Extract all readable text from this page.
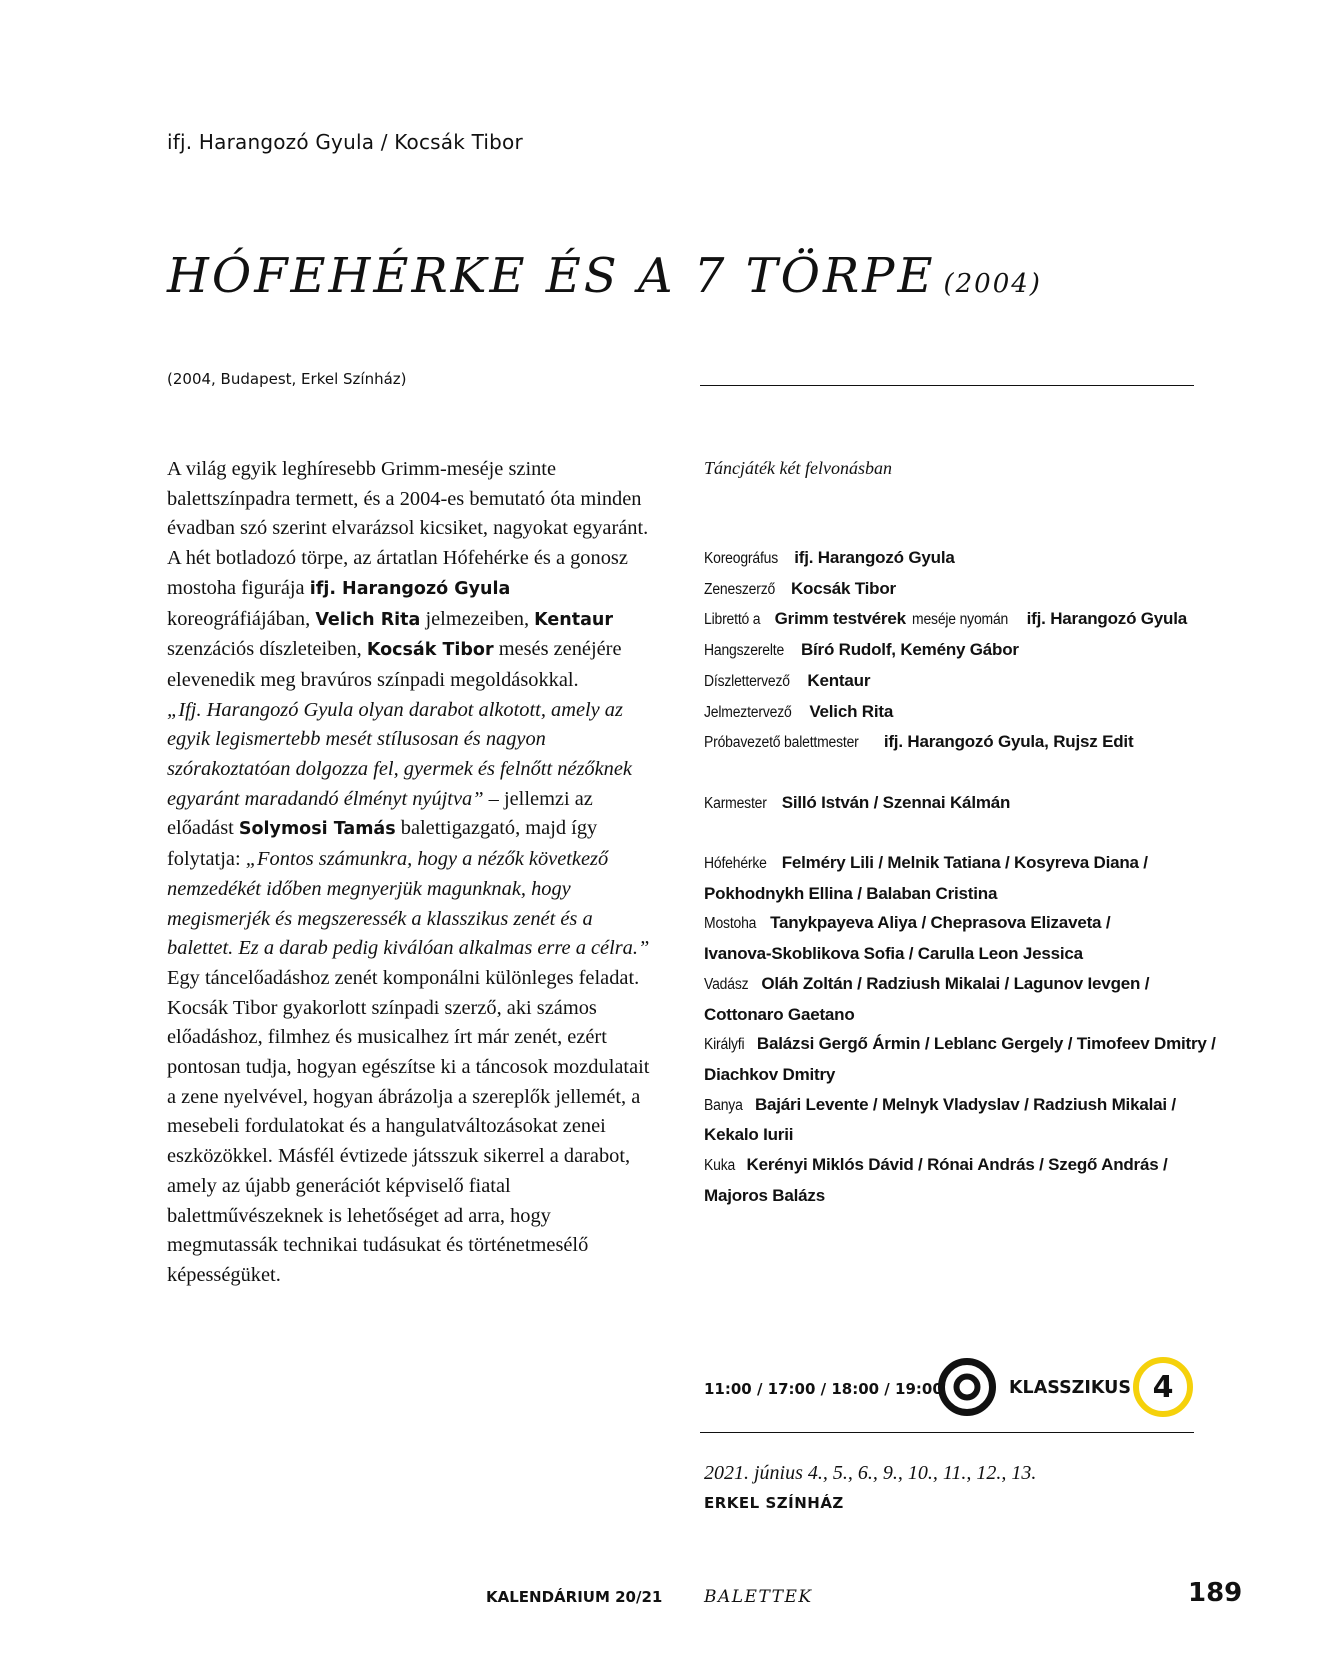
ifj. Harangozó Gyula / Kocsák Tibor
HÓFEHÉRKE ÉS A 7 TÖRPE (2004)
(2004, Budapest, Erkel Színház)

A világ egyik leghíresebb Grimm-meséje szinte balettszínpadra termett, és a 2004-es bemutató óta minden évadban szó szerint elvarázsol kicsiket, nagyokat egyaránt. A hét botladozó törpe, az ártatlan Hófehérke és a gonosz mostoha figurája ifj. Harangozó Gyula koreográfiájában, Velich Rita jelmezeiben, Kentaur szenzációs díszleteiben, Kocsák Tibor mesés zenéjére elevenedik meg bravúros színpadi megoldásokkal.

„Ifj. Harangozó Gyula olyan darabot alkotott, amely az egyik legismertebb mesét stílusosan és nagyon szórakoztatóan dolgozza fel, gyermek és felnőtt nézőknek egyaránt maradandó élményt nyújtva” – jellemzi az előadást Solymosi Tamás balettigazgató, majd így folytatja: „Fontos számunkra, hogy a nézők következő nemzedékét időben megnyerjük magunknak, hogy megismerjék és megszeressék a klasszikus zenét és a balettet. Ez a darab pedig kiválóan alkalmas erre a célra.”

Egy táncelőadáshoz zenét komponálni különleges feladat. Kocsák Tibor gyakorlott színpadi szerző, aki számos előadáshoz, filmhez és musicalhez írt már zenét, ezért pontosan tudja, hogyan egészítse ki a táncosok mozdulatait a zene nyelvével, hogyan ábrázolja a szereplők jellemét, a mesebeli fordulatokat és a hangulatváltozásokat zenei eszközökkel. Másfél évtizede játsszuk sikerrel a darabot, amely az újabb generációt képviselő fiatal balettművészeknek is lehetőséget ad arra, hogy megmutassák technikai tudásukat és történetmesélő képességüket.

Táncjáték két felvonásban
Koreográfus ifj. Harangozó Gyula
Zeneszerző Kocsák Tibor
Librettó a Grimm testvérek meséje nyomán ifj. Harangozó Gyula
Hangszerelte Bíró Rudolf, Kemény Gábor
Díszlettervező Kentaur
Jelmeztervező Velich Rita
Próbavezető balettmester ifj. Harangozó Gyula, Rujsz Edit
Karmester Silló István / Szennai Kálmán
Hófehérke Felméry Lili / Melnik Tatiana / Kosyreva Diana /
Pokhodnykh Ellina / Balaban Cristina
Mostoha Tanykpayeva Aliya / Cheprasova Elizaveta /
Ivanova-Skoblikova Sofia / Carulla Leon Jessica
Vadász Oláh Zoltán / Radziush Mikalai / Lagunov Ievgen /
Cottonaro Gaetano
Királyfi Balázsi Gergő Ármin / Leblanc Gergely / Timofeev Dmitry /
Diachkov Dmitry
Banya Bajári Levente / Melnyk Vladyslav / Radziush Mikalai /
Kekalo Iurii
Kuka Kerényi Miklós Dávid / Rónai András / Szegő András /
Majoros Balázs
11:00 / 17:00 / 18:00 / 19:00	KLASSZIKUS 4
2021. június 4., 5., 6., 9., 10., 11., 12., 13.
ERKEL SZÍNHÁZ
KALENDÁRIUM 20/21 BALETTEK	189
